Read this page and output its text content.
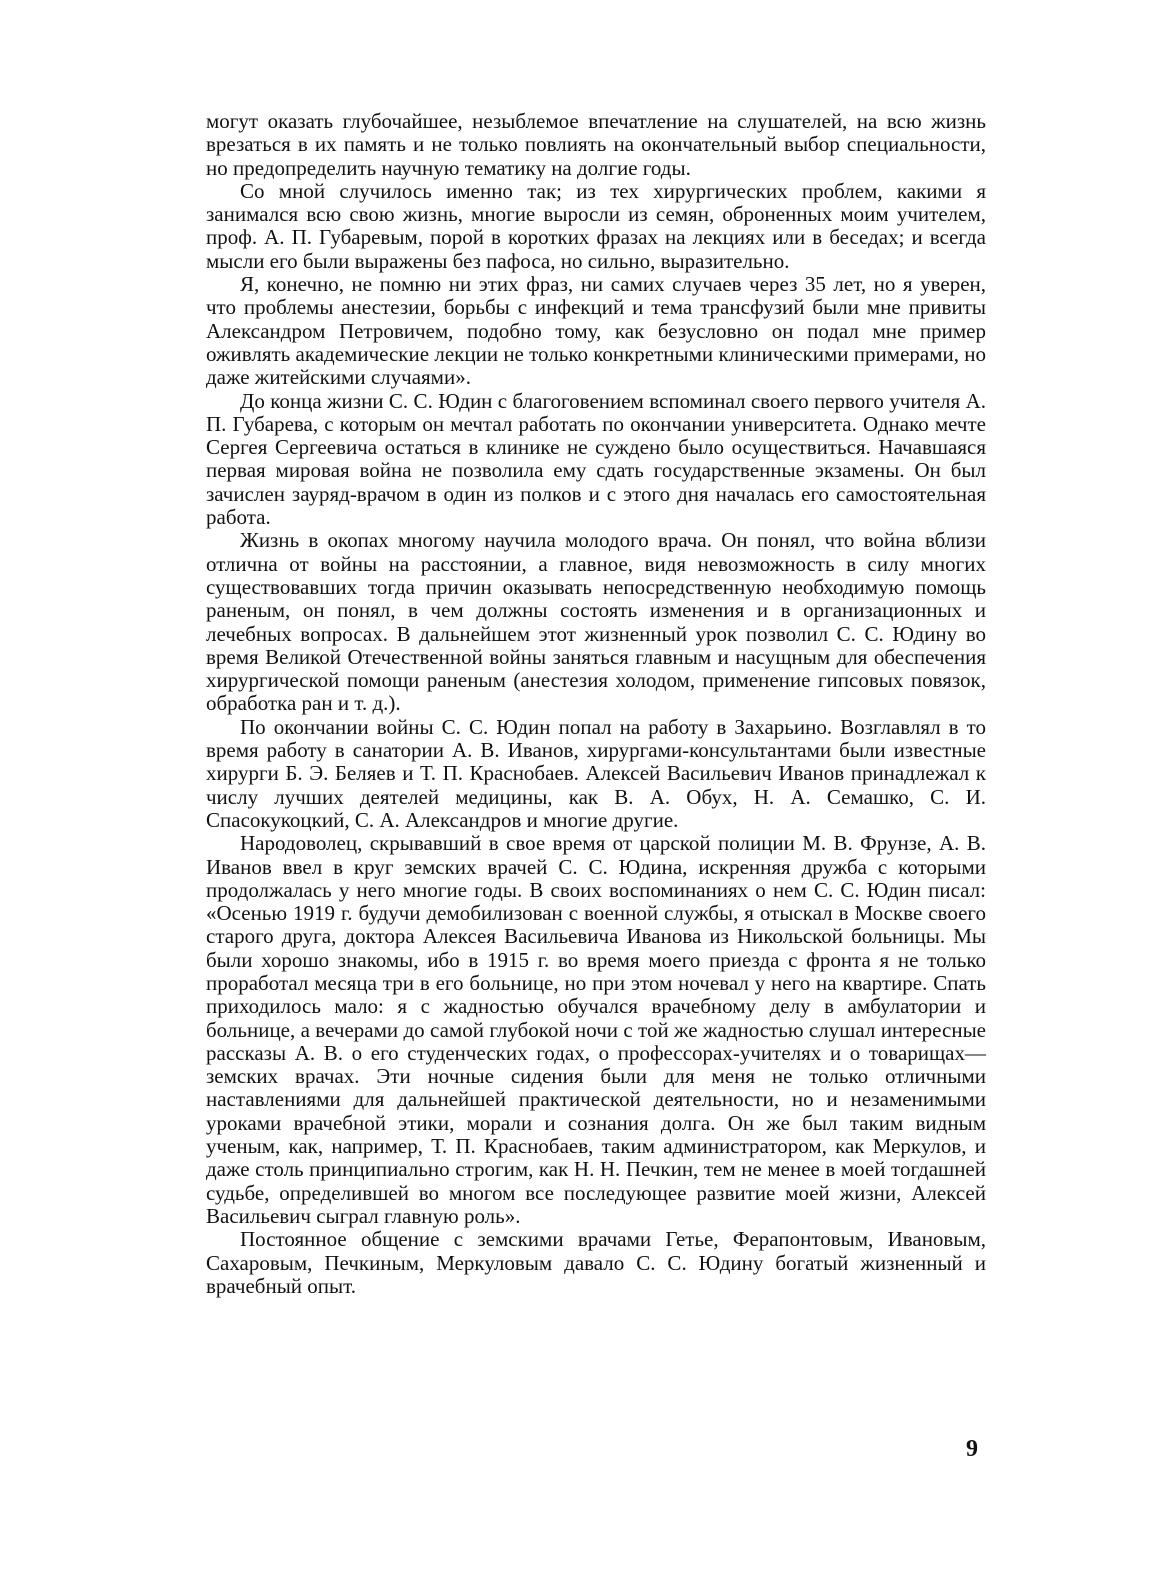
могут оказать глубочайшее, незыблемое впечатление на слушателей, на всю жизнь врезаться в их память и не только повлиять на окончательный выбор специальности, но предопределить научную тематику на долгие годы.

Со мной случилось именно так; из тех хирургических проблем, какими я занимался всю свою жизнь, многие выросли из семян, оброненных моим учителем, проф. А. П. Губаревым, порой в коротких фразах на лекциях или в беседах; и всегда мысли его были выражены без пафоса, но сильно, выразительно.

Я, конечно, не помню ни этих фраз, ни самих случаев через 35 лет, но я уверен, что проблемы анестезии, борьбы с инфекций и тема трансфузий были мне привиты Александром Петровичем, подобно тому, как безусловно он подал мне пример оживлять академические лекции не только конкретными клиническими примерами, но даже житейскими случаями».

До конца жизни С. С. Юдин с благоговением вспоминал своего первого учителя А. П. Губарева, с которым он мечтал работать по окончании университета. Однако мечте Сергея Сергеевича остаться в клинике не суждено было осуществиться. Начавшаяся первая мировая война не позволила ему сдать государственные экзамены. Он был зачислен зауряд-врачом в один из полков и с этого дня началась его самостоятельная работа.

Жизнь в окопах многому научила молодого врача. Он понял, что война вблизи отлична от войны на расстоянии, а главное, видя невозможность в силу многих существовавших тогда причин оказывать непосредственную необходимую помощь раненым, он понял, в чем должны состоять изменения и в организационных и лечебных вопросах. В дальнейшем этот жизненный урок позволил С. С. Юдину во время Великой Отечественной войны заняться главным и насущным для обеспечения хирургической помощи раненым (анестезия холодом, применение гипсовых повязок, обработка ран и т. д.).

По окончании войны С. С. Юдин попал на работу в Захарьино. Возглавлял в то время работу в санатории А. В. Иванов, хирургами-консультантами были известные хирурги Б. Э. Беляев и Т. П. Краснобаев. Алексей Васильевич Иванов принадлежал к числу лучших деятелей медицины, как В. А. Обух, Н. А. Семашко, С. И. Спасокукоцкий, С. А. Александров и многие другие.

Народоволец, скрывавший в свое время от царской полиции М. В. Фрунзе, А. В. Иванов ввел в круг земских врачей С. С. Юдина, искренняя дружба с которыми продолжалась у него многие годы. В своих воспоминаниях о нем С. С. Юдин писал: «Осенью 1919 г. будучи демобилизован с военной службы, я отыскал в Москве своего старого друга, доктора Алексея Васильевича Иванова из Никольской больницы. Мы были хорошо знакомы, ибо в 1915 г. во время моего приезда с фронта я не только проработал месяца три в его больнице, но при этом ночевал у него на квартире. Спать приходилось мало: я с жадностью обучался врачебному делу в амбулатории и больнице, а вечерами до самой глубокой ночи с той же жадностью слушал интересные рассказы А. В. о его студенческих годах, о профессорах-учителях и о товарищах—земских врачах. Эти ночные сидения были для меня не только отличными наставлениями для дальнейшей практической деятельности, но и незаменимыми уроками врачебной этики, морали и сознания долга. Он же был таким видным ученым, как, например, Т. П. Краснобаев, таким администратором, как Меркулов, и даже столь принципиально строгим, как Н. Н. Печкин, тем не менее в моей тогдашней судьбе, определившей во многом все последующее развитие моей жизни, Алексей Васильевич сыграл главную роль».

Постоянное общение с земскими врачами Гетье, Ферапонтовым, Ивановым, Сахаровым, Печкиным, Меркуловым давало С. С. Юдину богатый жизненный и врачебный опыт.

9
